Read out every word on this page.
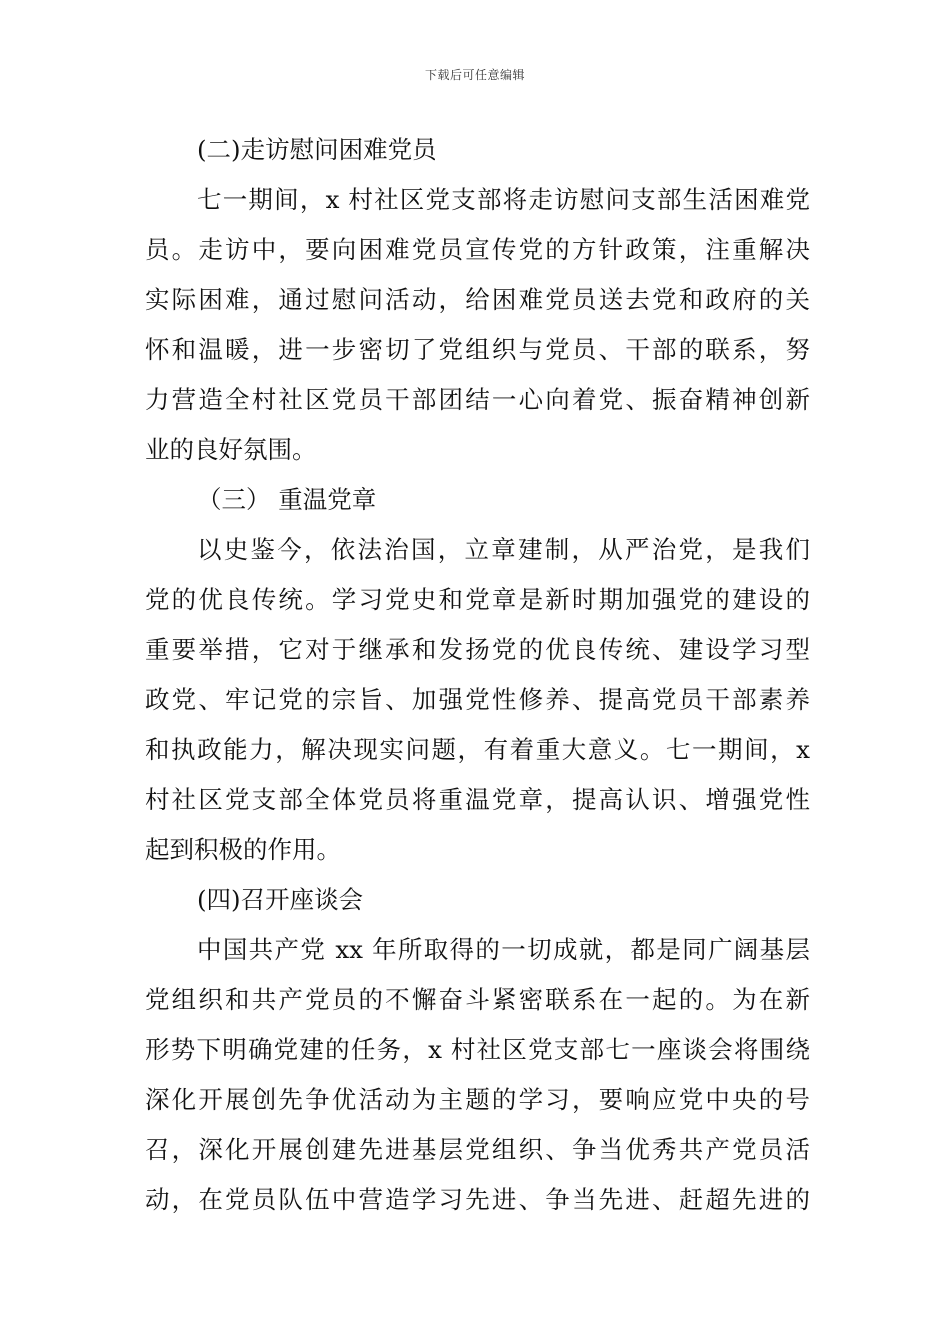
下载后可任意编辑
(二)走访慰问困难党员
七一期间，x 村社区党支部将走访慰问支部生活困难党
员。走访中，要向困难党员宣传党的方针政策，注重解决
实际困难，通过慰问活动，给困难党员送去党和政府的关
怀和温暖，进一步密切了党组织与党员、干部的联系，努
力营造全村社区党员干部团结一心向着党、振奋精神创新
业的良好氛围。
（三） 重温党章
以史鉴今，依法治国，立章建制，从严治党，是我们
党的优良传统。学习党史和党章是新时期加强党的建设的
重要举措，它对于继承和发扬党的优良传统、建设学习型
政党、牢记党的宗旨、加强党性修养、提高党员干部素养
和执政能力，解决现实问题，有着重大意义。七一期间，x
村社区党支部全体党员将重温党章，提高认识、增强党性
起到积极的作用。
(四)召开座谈会
中国共产党 xx 年所取得的一切成就，都是同广阔基层
党组织和共产党员的不懈奋斗紧密联系在一起的。为在新
形势下明确党建的任务，x 村社区党支部七一座谈会将围绕
深化开展创先争优活动为主题的学习，要响应党中央的号
召，深化开展创建先进基层党组织、争当优秀共产党员活
动，在党员队伍中营造学习先进、争当先进、赶超先进的
